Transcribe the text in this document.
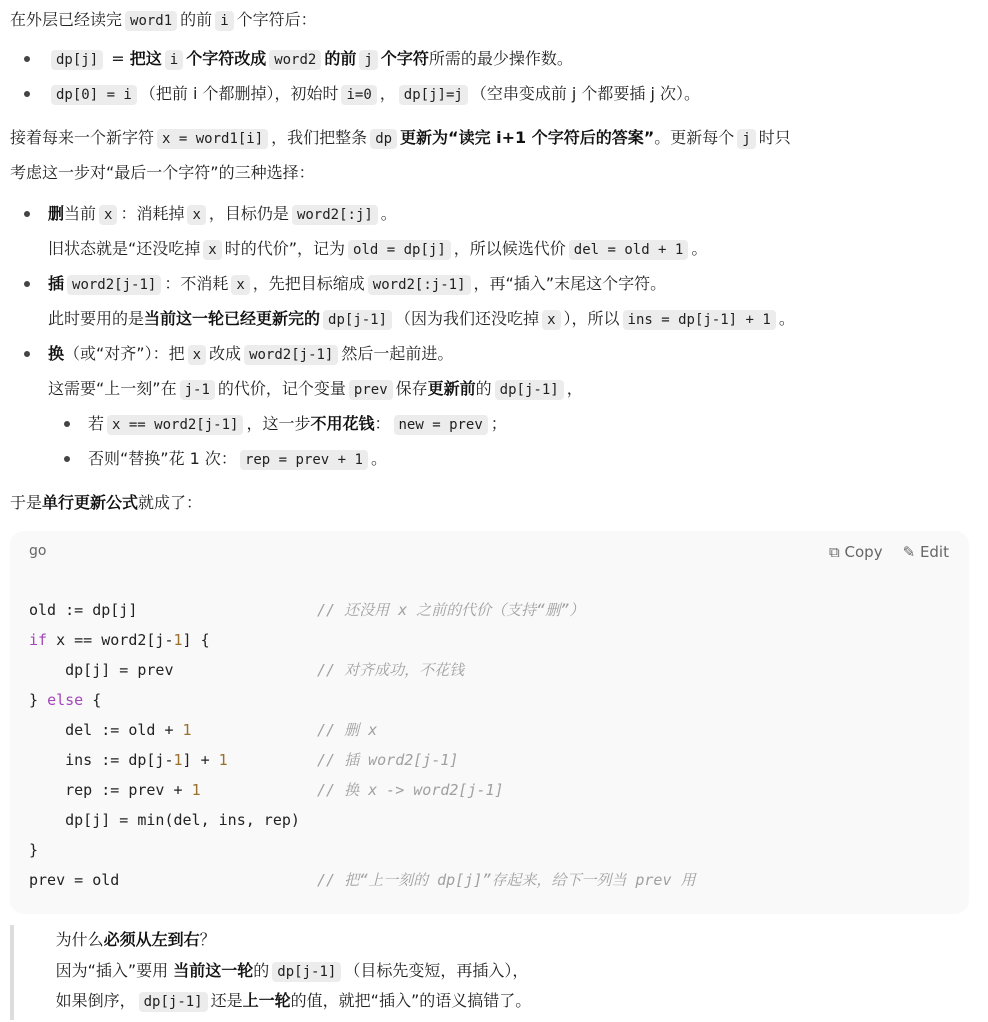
在外层已经读完 word1 的前 i 个字符后：
dp[j] = 把这 i 个字符改成 word2 的前 j 个字符所需的最少操作数。
dp[0] = i （把前 i 个都删掉），初始时 i=0 ， dp[j]=j （空串变成前 j 个都要插 j 次）。
接着每来一个新字符 x = word1[i] ，我们把整条 dp 更新为“读完 i+1 个字符后的答案”。更新每个 j 时只
考虑这一步对“最后一个字符”的三种选择：
删当前 x ：消耗掉 x ，目标仍是 word2[:j] 。
旧状态就是“还没吃掉 x 时的代价”，记为 old = dp[j] ，所以候选代价 del = old + 1 。
插 word2[j-1] ：不消耗 x ，先把目标缩成 word2[:j-1] ，再“插入”末尾这个字符。
此时要用的是当前这一轮已经更新完的 dp[j-1] （因为我们还没吃掉 x ），所以 ins = dp[j-1] + 1 。
换（或“对齐”）：把 x 改成 word2[j-1] 然后一起前进。
这需要“上一刻”在 j-1 的代价，记个变量 prev 保存更新前的 dp[j-1] ，
若 x == word2[j-1] ，这一步不用花钱： new = prev ；
否则“替换”花 1 次： rep = prev + 1 。
于是单行更新公式就成了：
为什么必须从左到右？
因为“插入”要用 当前这一轮的 dp[j-1] （目标先变短，再插入），
如果倒序， dp[j-1] 还是上一轮的值，就把“插入”的语义搞错了。
go	⧉ Copy ✎ Edit
old := dp[j]	// 还没用 x 之前的代价（支持“删”）
if x == word2[j-1] {
dp[j] = prev	// 对齐成功，不花钱
} else {
del := old + 1	// 删 x
ins := dp[j-1] + 1	// 插 word2[j-1]
rep := prev + 1	// 换 x -> word2[j-1]
dp[j] = min(del, ins, rep)
}
prev = old	// 把“上一刻的 dp[j]”存起来，给下一列当 prev 用
